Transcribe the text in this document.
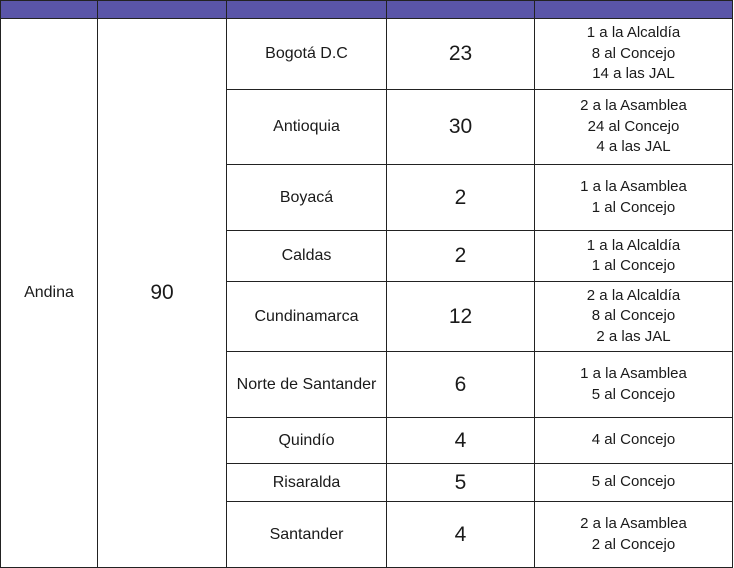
Andina	90	Bogotá D.C	23	1 a la Alcaldía
8 al Concejo
14 a las JAL

		Antioquia	30	2 a la Asamblea
24 al Concejo
4 a las JAL

		Boyacá	2	1 a la Asamblea
1 al Concejo

		Caldas	2	1 a la Alcaldía
1 al Concejo

		Cundinamarca	12	2 a la Alcaldía
8 al Concejo
2 a las JAL

		Norte de Santander	6	1 a la Asamblea
5 al Concejo

		Quindío	4	4 al Concejo

		Risaralda	5	5 al Concejo

		Santander	4	2 a la Asamblea
2 al Concejo
